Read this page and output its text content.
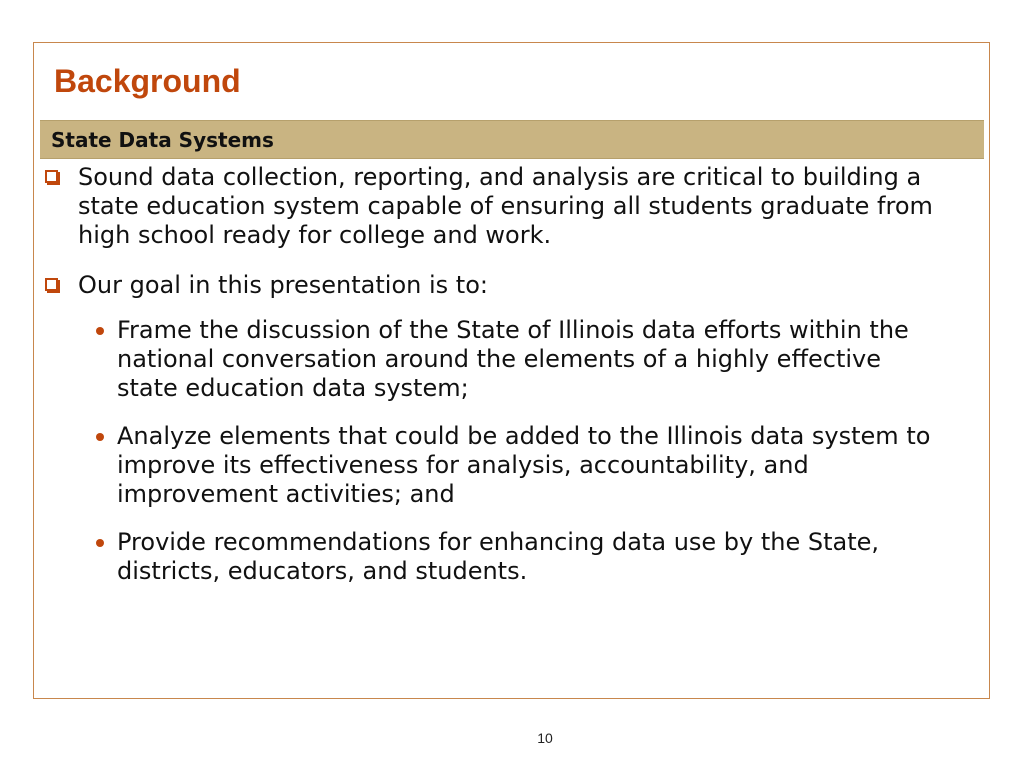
Background
State Data Systems
Sound data collection, reporting, and analysis are critical to building a state education system capable of ensuring all students graduate from high school ready for college and work.
Our goal in this presentation is to:
Frame the discussion of the State of Illinois data efforts within the national conversation around the elements of a highly effective state education data system;
Analyze elements that could be added to the Illinois data system to improve its effectiveness for analysis, accountability, and improvement activities; and
Provide recommendations for enhancing data use by the State, districts, educators, and students.
10
